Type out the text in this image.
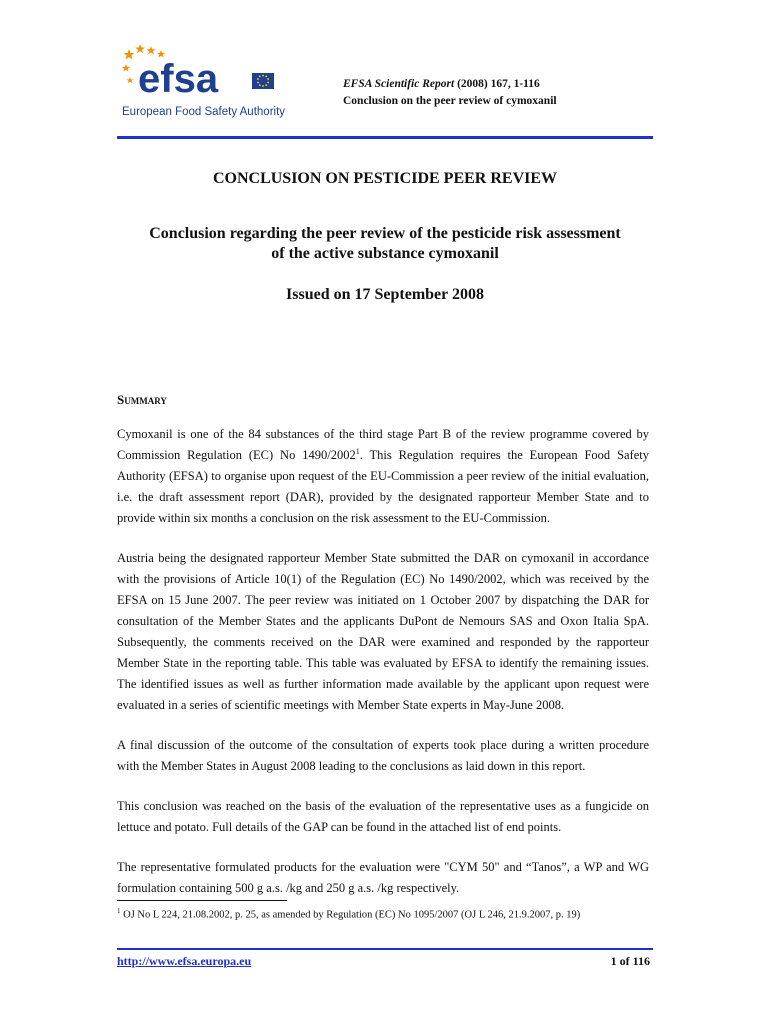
efsa
European Food Safety Authority
EFSA Scientific Report (2008) 167, 1-116
Conclusion on the peer review of cymoxanil
CONCLUSION ON PESTICIDE PEER REVIEW
Conclusion regarding the peer review of the pesticide risk assessment
of the active substance cymoxanil
Issued on 17 September 2008
Summary

Cymoxanil is one of the 84 substances of the third stage Part B of the review programme covered by Commission Regulation (EC) No 1490/2002$^1$. This Regulation requires the European Food Safety Authority (EFSA) to organise upon request of the EU-Commission a peer review of the initial evaluation, i.e. the draft assessment report (DAR), provided by the designated rapporteur Member State and to provide within six months a conclusion on the risk assessment to the EU-Commission.

Austria being the designated rapporteur Member State submitted the DAR on cymoxanil in accordance with the provisions of Article 10(1) of the Regulation (EC) No 1490/2002, which was received by the EFSA on 15 June 2007. The peer review was initiated on 1 October 2007 by dispatching the DAR for consultation of the Member States and the applicants DuPont de Nemours SAS and Oxon Italia SpA. Subsequently, the comments received on the DAR were examined and responded by the rapporteur Member State in the reporting table. This table was evaluated by EFSA to identify the remaining issues. The identified issues as well as further information made available by the applicant upon request were evaluated in a series of scientific meetings with Member State experts in May-June 2008.

A final discussion of the outcome of the consultation of experts took place during a written procedure with the Member States in August 2008 leading to the conclusions as laid down in this report.

This conclusion was reached on the basis of the evaluation of the representative uses as a fungicide on lettuce and potato. Full details of the GAP can be found in the attached list of end points.

The representative formulated products for the evaluation were "CYM 50" and “Tanos”, a WP and WG formulation containing 500 g a.s. /kg and 250 g a.s. /kg respectively.

$^1$ OJ No L 224, 21.08.2002, p. 25, as amended by Regulation (EC) No 1095/2007 (OJ L 246, 21.9.2007, p. 19)
http://www.efsa.europa.eu	1 of 116
